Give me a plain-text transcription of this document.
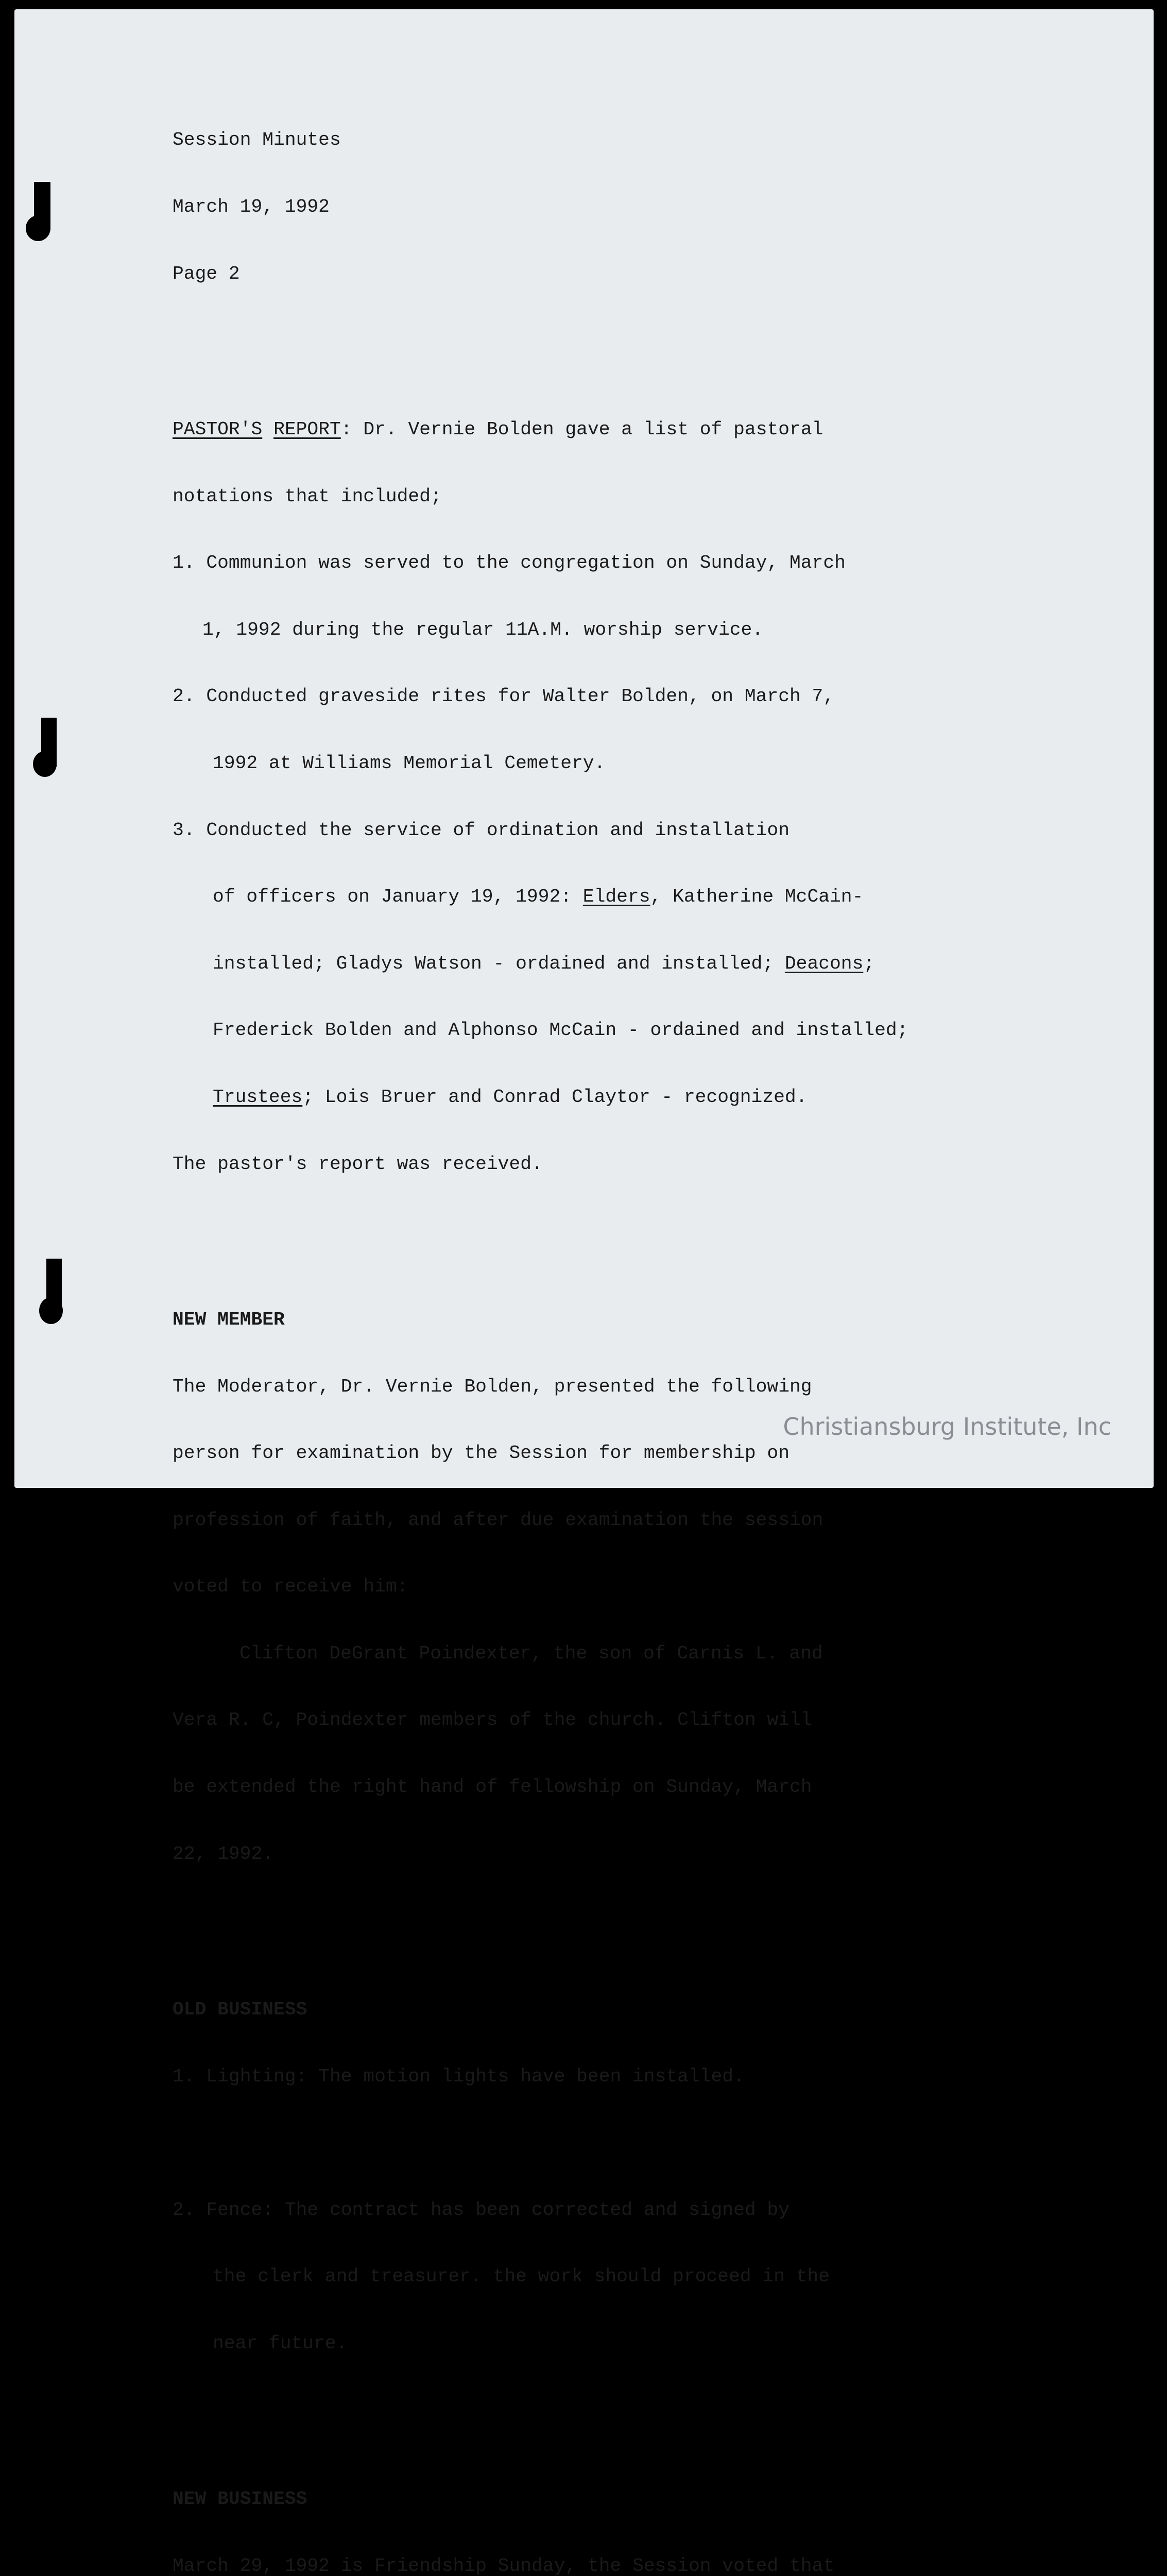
Session Minutes

March 19, 1992

Page 2

PASTOR'S REPORT: Dr. Vernie Bolden gave a list of pastoral

notations that included;

1. Communion was served to the congregation on Sunday, March

1, 1992 during the regular 11A.M. worship service.

2. Conducted graveside rites for Walter Bolden, on March 7,

1992 at Williams Memorial Cemetery.

3. Conducted the service of ordination and installation

of officers on January 19, 1992: Elders, Katherine McCain-

installed; Gladys Watson - ordained and installed; Deacons;

Frederick Bolden and Alphonso McCain - ordained and installed;

Trustees; Lois Bruer and Conrad Claytor - recognized.

The pastor's report was received.

NEW MEMBER

The Moderator, Dr. Vernie Bolden, presented the following

person for examination by the Session for membership on

profession of faith, and after due examination the session

voted to receive him:

Clifton DeGrant Poindexter, the son of Carnis L. and

Vera R. C, Poindexter members of the church. Clifton will

be extended the right hand of fellowship on Sunday, March

22, 1992.

OLD BUSINESS

1. Lighting: The motion lights have been installed.

2. Fence: The contract has been corrected and signed by

the clerk and treasurer. the work should proceed in the

near future.

NEW BUSINESS

March 29, 1992 is Friendship Sunday, the Session voted that

Christiansburg Institute, Inc
